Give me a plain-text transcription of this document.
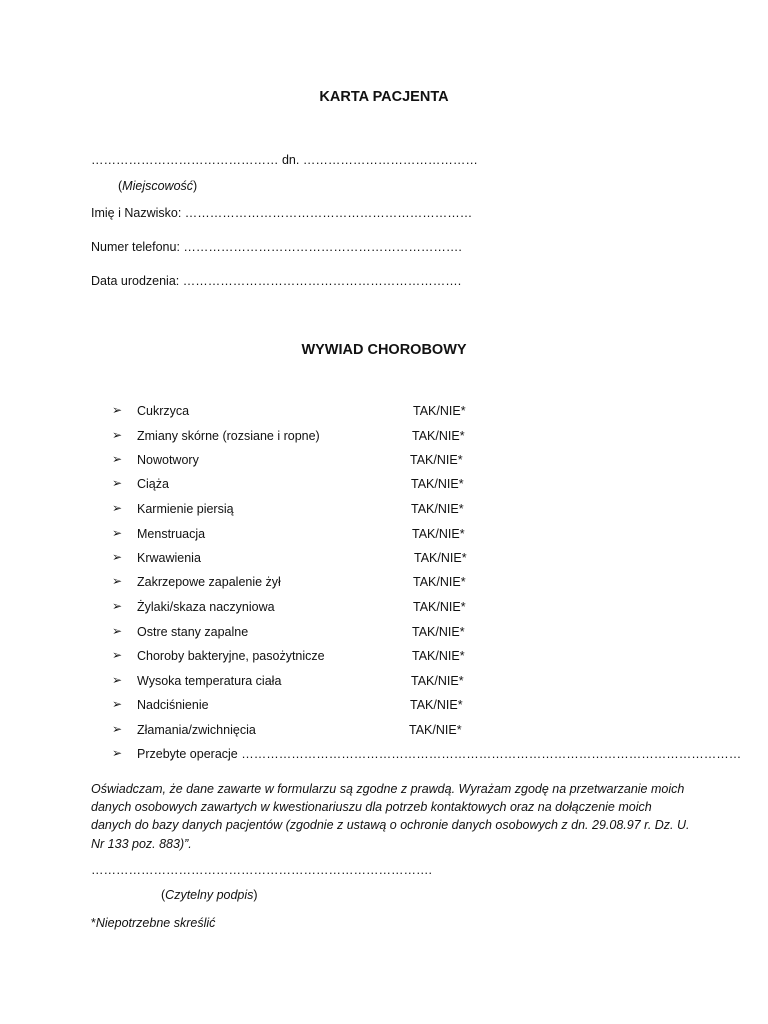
KARTA PACJENTA
……………………………………… dn. ……………………………………
(Miejscowość)
Imię i Nazwisko: ……………………………………………………………
Numer telefonu: ………………………………………………………….
Data urodzenia: ………………………………………………………….
WYWIAD CHOROBOWY
➢ Cukrzyca	TAK/NIE*
➢ Zmiany skórne (rozsiane i ropne)	TAK/NIE*
➢ Nowotwory	TAK/NIE*
➢ Ciąża	TAK/NIE*
➢ Karmienie piersią	TAK/NIE*
➢ Menstruacja	TAK/NIE*
➢ Krwawienia	TAK/NIE*
➢ Zakrzepowe zapalenie żył	TAK/NIE*
➢ Żylaki/skaza naczyniowa	TAK/NIE*
➢ Ostre stany zapalne	TAK/NIE*
➢ Choroby bakteryjne, pasożytnicze	TAK/NIE*
➢ Wysoka temperatura ciała	TAK/NIE*
➢ Nadciśnienie	TAK/NIE*
➢ Złamania/zwichnięcia	TAK/NIE*
➢ Przebyte operacje …………………………………………………………………………………………………………
Oświadczam, że dane zawarte w formularzu są zgodne z prawdą. Wyrażam zgodę na przetwarzanie moich danych osobowych zawartych w kwestionariuszu dla potrzeb kontaktowych oraz na dołączenie moich danych do bazy danych pacjentów (zgodnie z ustawą o ochronie danych osobowych z dn. 29.08.97 r. Dz. U. Nr 133 poz. 883)”.
……………………………………………………………………….
(Czytelny podpis)
*Niepotrzebne skreślić
